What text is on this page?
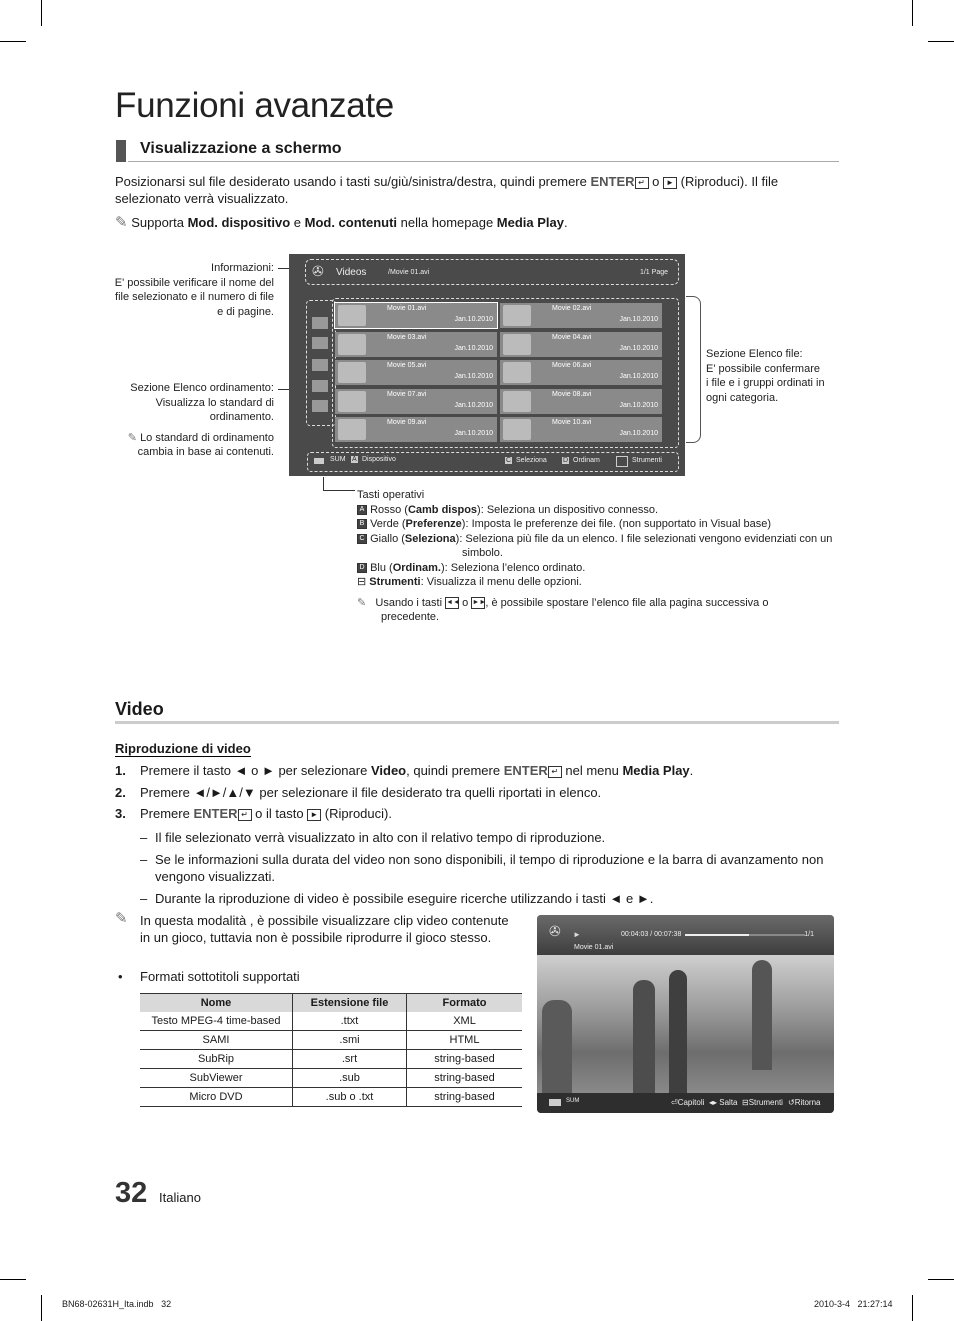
Funzioni avanzate
Visualizzazione a schermo
Posizionarsi sul file desiderato usando i tasti su/giù/sinistra/destra, quindi premere ENTER ↵ o ► (Riproduci). Il file
selezionato verrà visualizzato.
✎ Supporta Mod. dispositivo e Mod. contenuti nella homepage Media Play.
Informazioni:
E' possibile verificare il nome del
file selezionato e il numero di file
e di pagine.
Sezione Elenco ordinamento:
Visualizza lo standard di
ordinamento.
✎ Lo standard di ordinamento
cambia in base ai contenuti.
Sezione Elenco file:
E' possibile confermare
i file e i gruppi ordinati in
ogni categoria.
✇ Videos	/Movie 01.avi	1/1 Page
Movie 01.avi
Jan.10.2010
Movie 02.avi
Jan.10.2010
Movie 03.avi
Jan.10.2010
Movie 04.avi
Jan.10.2010
Movie 05.avi
Jan.10.2010
Movie 06.avi
Jan.10.2010
Movie 07.avi
Jan.10.2010
Movie 08.avi
Jan.10.2010
Movie 09.avi
Jan.10.2010
Movie 10.avi
Jan.10.2010
SUM A Dispositivo	C Seleziona D Ordinam	Strumenti
Tasti operativi
A Rosso (Camb dispos): Seleziona un dispositivo connesso.
B Verde (Preferenze): Imposta le preferenze dei file. (non supportato in Visual base)
C Giallo (Seleziona): Seleziona più file da un elenco. I file selezionati vengono evidenziati con un
simbolo.
D Blu (Ordinam.): Seleziona l’elenco ordinato.
⊟ Strumenti: Visualizza il menu delle opzioni.
✎ Usando i tasti ◄◄ o ►►, è possibile spostare l’elenco file alla pagina successiva o
precedente.
Video
Riproduzione di video
1. Premere il tasto ◄ o ► per selezionare Video, quindi premere ENTER ↵ nel menu Media Play.
2. Premere ◄/►/▲/▼ per selezionare il file desiderato tra quelli riportati in elenco.
3. Premere ENTER ↵ o il tasto ► (Riproduci).
– Il file selezionato verrà visualizzato in alto con il relativo tempo di riproduzione.
– Se le informazioni sulla durata del video non sono disponibili, il tempo di riproduzione e la barra di avanzamento non
vengono visualizzati.
– Durante la riproduzione di video è possibile eseguire ricerche utilizzando i tasti ◄ e ►.
✎ In questa modalità , è possibile visualizzare clip video contenute
in un gioco, tuttavia non è possibile riprodurre il gioco stesso.
• Formati sottotitoli supportati
Nome	Estensione file	Formato
Testo MPEG-4 time-based	.ttxt	XML
SAMI	.smi	HTML
SubRip	.srt	string-based
SubViewer	.sub	string-based
Micro DVD	.sub o .txt	string-based
✇ ►	00:04:03 / 00:07:38	1/1
Movie 01.avi
SUM	⏎Capitoli ◂▸ Salta ⊟Strumenti ↺Ritorna
32 Italiano
BN68-02631H_Ita.indb   32	2010-3-4   21:27:14
